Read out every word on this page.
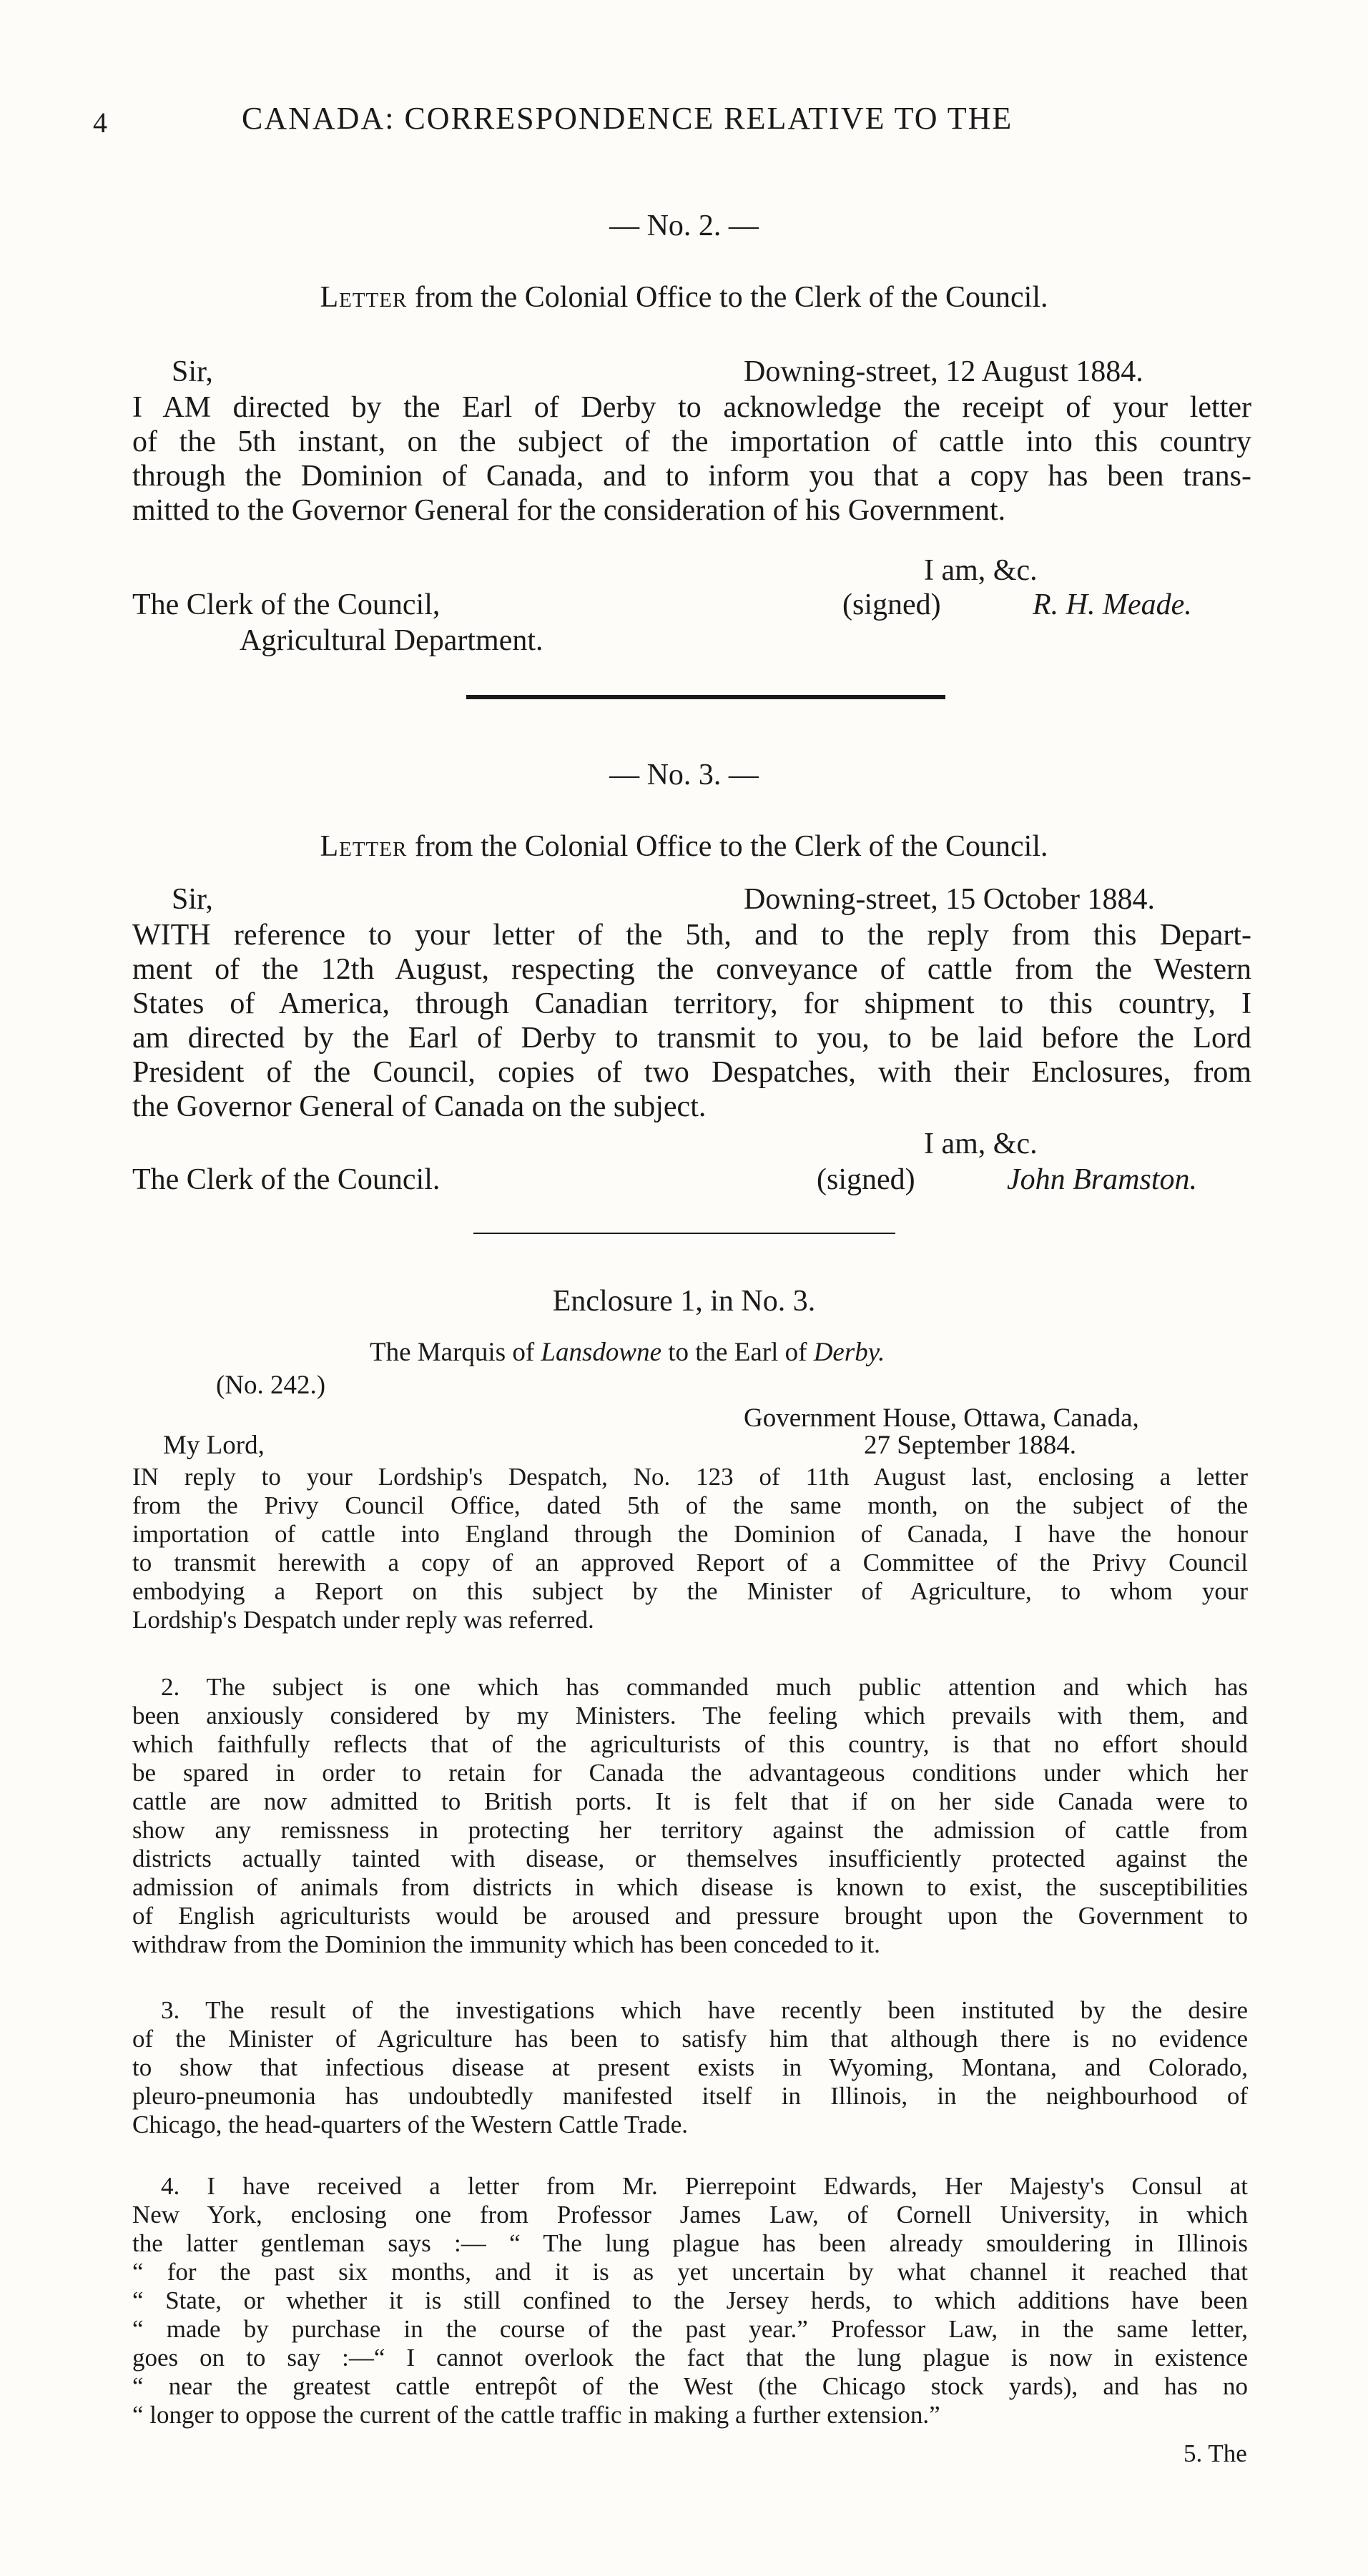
4	CANADA: CORRESPONDENCE RELATIVE TO THE
— No. 2. —
Letter from the Colonial Office to the Clerk of the Council.
Sir,	Downing-street, 12 August 1884.
I AM directed by the Earl of Derby to acknowledge the receipt of your letter
of the 5th instant, on the subject of the importation of cattle into this country
through the Dominion of Canada, and to inform you that a copy has been trans-
mitted to the Governor General for the consideration of his Government.
I am, &c.
The Clerk of the Council,	(signed)	R. H. Meade.
Agricultural Department.
— No. 3. —
Letter from the Colonial Office to the Clerk of the Council.
Sir,	Downing-street, 15 October 1884.
WITH reference to your letter of the 5th, and to the reply from this Depart-
ment of the 12th August, respecting the conveyance of cattle from the Western
States of America, through Canadian territory, for shipment to this country, I
am directed by the Earl of Derby to transmit to you, to be laid before the Lord
President of the Council, copies of two Despatches, with their Enclosures, from
the Governor General of Canada on the subject.
I am, &c.
The Clerk of the Council.	(signed)	John Bramston.
Enclosure 1, in No. 3.
The Marquis of Lansdowne to the Earl of Derby.
(No. 242.)
Government House, Ottawa, Canada,
My Lord,	27 September 1884.
IN reply to your Lordship's Despatch, No. 123 of 11th August last, enclosing a letter
from the Privy Council Office, dated 5th of the same month, on the subject of the
importation of cattle into England through the Dominion of Canada, I have the honour
to transmit herewith a copy of an approved Report of a Committee of the Privy Council
embodying a Report on this subject by the Minister of Agriculture, to whom your
Lordship's Despatch under reply was referred.
2. The subject is one which has commanded much public attention and which has
been anxiously considered by my Ministers. The feeling which prevails with them, and
which faithfully reflects that of the agriculturists of this country, is that no effort should
be spared in order to retain for Canada the advantageous conditions under which her
cattle are now admitted to British ports. It is felt that if on her side Canada were to
show any remissness in protecting her territory against the admission of cattle from
districts actually tainted with disease, or themselves insufficiently protected against the
admission of animals from districts in which disease is known to exist, the susceptibilities
of English agriculturists would be aroused and pressure brought upon the Government to
withdraw from the Dominion the immunity which has been conceded to it.
3. The result of the investigations which have recently been instituted by the desire
of the Minister of Agriculture has been to satisfy him that although there is no evidence
to show that infectious disease at present exists in Wyoming, Montana, and Colorado,
pleuro-pneumonia has undoubtedly manifested itself in Illinois, in the neighbourhood of
Chicago, the head-quarters of the Western Cattle Trade.
4. I have received a letter from Mr. Pierrepoint Edwards, Her Majesty's Consul at
New York, enclosing one from Professor James Law, of Cornell University, in which
the latter gentleman says :— “ The lung plague has been already smouldering in Illinois
“ for the past six months, and it is as yet uncertain by what channel it reached that
“ State, or whether it is still confined to the Jersey herds, to which additions have been
“ made by purchase in the course of the past year.” Professor Law, in the same letter,
goes on to say :—“ I cannot overlook the fact that the lung plague is now in existence
“ near the greatest cattle entrepôt of the West (the Chicago stock yards), and has no
“ longer to oppose the current of the cattle traffic in making a further extension.”
5. The
